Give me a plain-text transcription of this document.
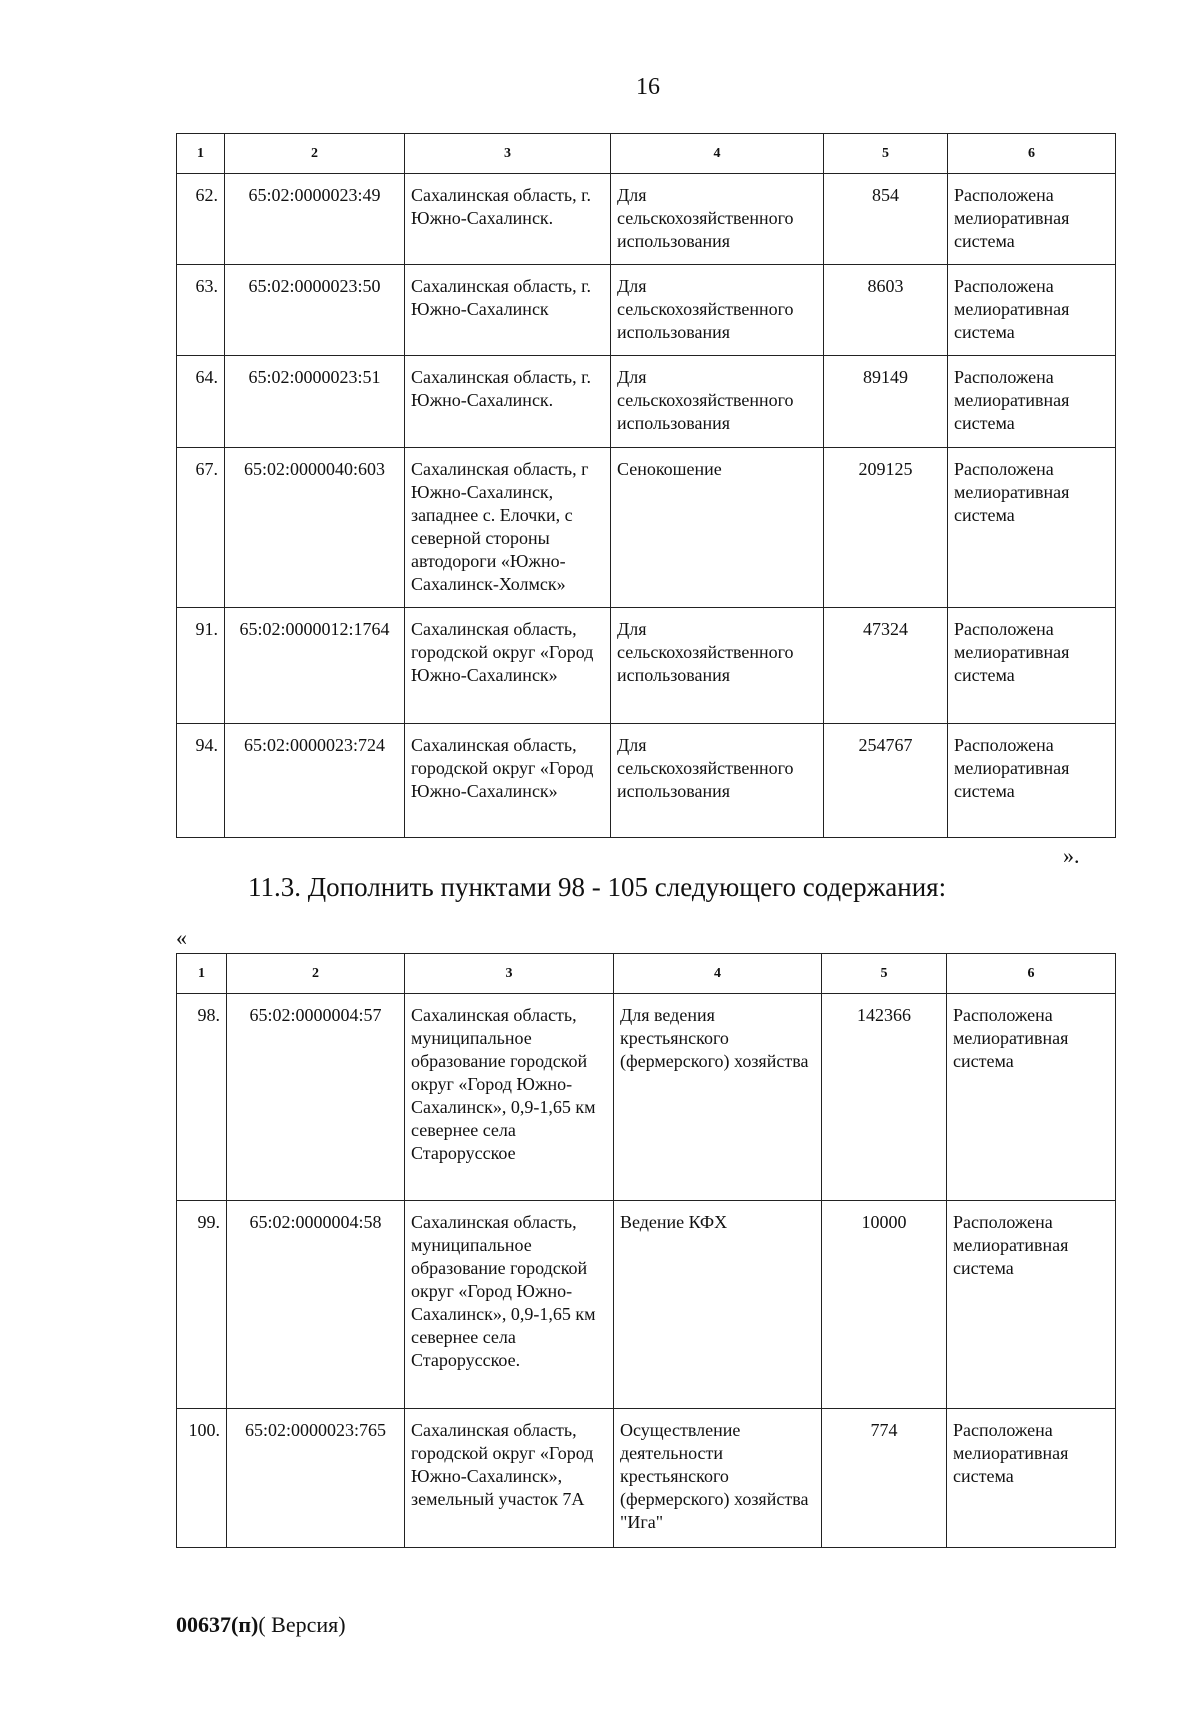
16
1	2	3	4	5	6
62.	65:02:0000023:49	Сахалинская область, г. Южно-Сахалинск.	Для сельскохозяйственного использования	854	Расположена мелиоративная система
63.	65:02:0000023:50	Сахалинская область, г. Южно-Сахалинск	Для сельскохозяйственного использования	8603	Расположена мелиоративная система
64.	65:02:0000023:51	Сахалинская область, г. Южно-Сахалинск.	Для сельскохозяйственного использования	89149	Расположена мелиоративная система
67.	65:02:0000040:603	Сахалинская область, г Южно-Сахалинск, западнее с. Елочки, с северной стороны автодороги «Южно-Сахалинск-Холмск»	Сенокошение	209125	Расположена мелиоративная система
91.	65:02:0000012:1764	Сахалинская область, городской округ «Город Южно-Сахалинск»	Для сельскохозяйственного использования	47324	Расположена мелиоративная система
94.	65:02:0000023:724	Сахалинская область, городской округ «Город Южно-Сахалинск»	Для сельскохозяйственного использования	254767	Расположена мелиоративная система
».
11.3. Дополнить пунктами 98 - 105 следующего содержания:
«
1	2	3	4	5	6
98.	65:02:0000004:57	Сахалинская область, муниципальное образование городской округ «Город Южно-Сахалинск», 0,9-1,65 км севернее села Старорусское	Для ведения крестьянского (фермерского) хозяйства	142366	Расположена мелиоративная система
99.	65:02:0000004:58	Сахалинская область, муниципальное образование городской округ «Город Южно-Сахалинск», 0,9-1,65 км севернее села Старорусское.	Ведение КФХ	10000	Расположена мелиоративная система
100.	65:02:0000023:765	Сахалинская область, городской округ «Город Южно-Сахалинск», земельный участок 7А	Осуществление деятельности крестьянского (фермерского) хозяйства "Ига"	774	Расположена мелиоративная система
00637(п)( Версия)
